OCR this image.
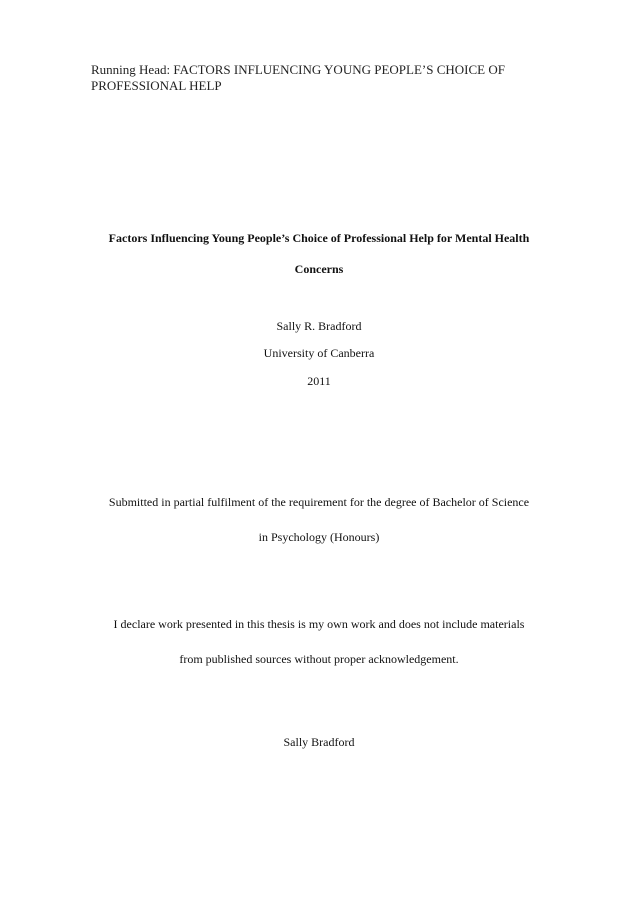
Running Head: FACTORS INFLUENCING YOUNG PEOPLE’S CHOICE OF
PROFESSIONAL HELP
Factors Influencing Young People’s Choice of Professional Help for Mental Health
Concerns
Sally R. Bradford
University of Canberra
2011
Submitted in partial fulfilment of the requirement for the degree of Bachelor of Science
in Psychology (Honours)
I declare work presented in this thesis is my own work and does not include materials
from published sources without proper acknowledgement.
Sally Bradford
